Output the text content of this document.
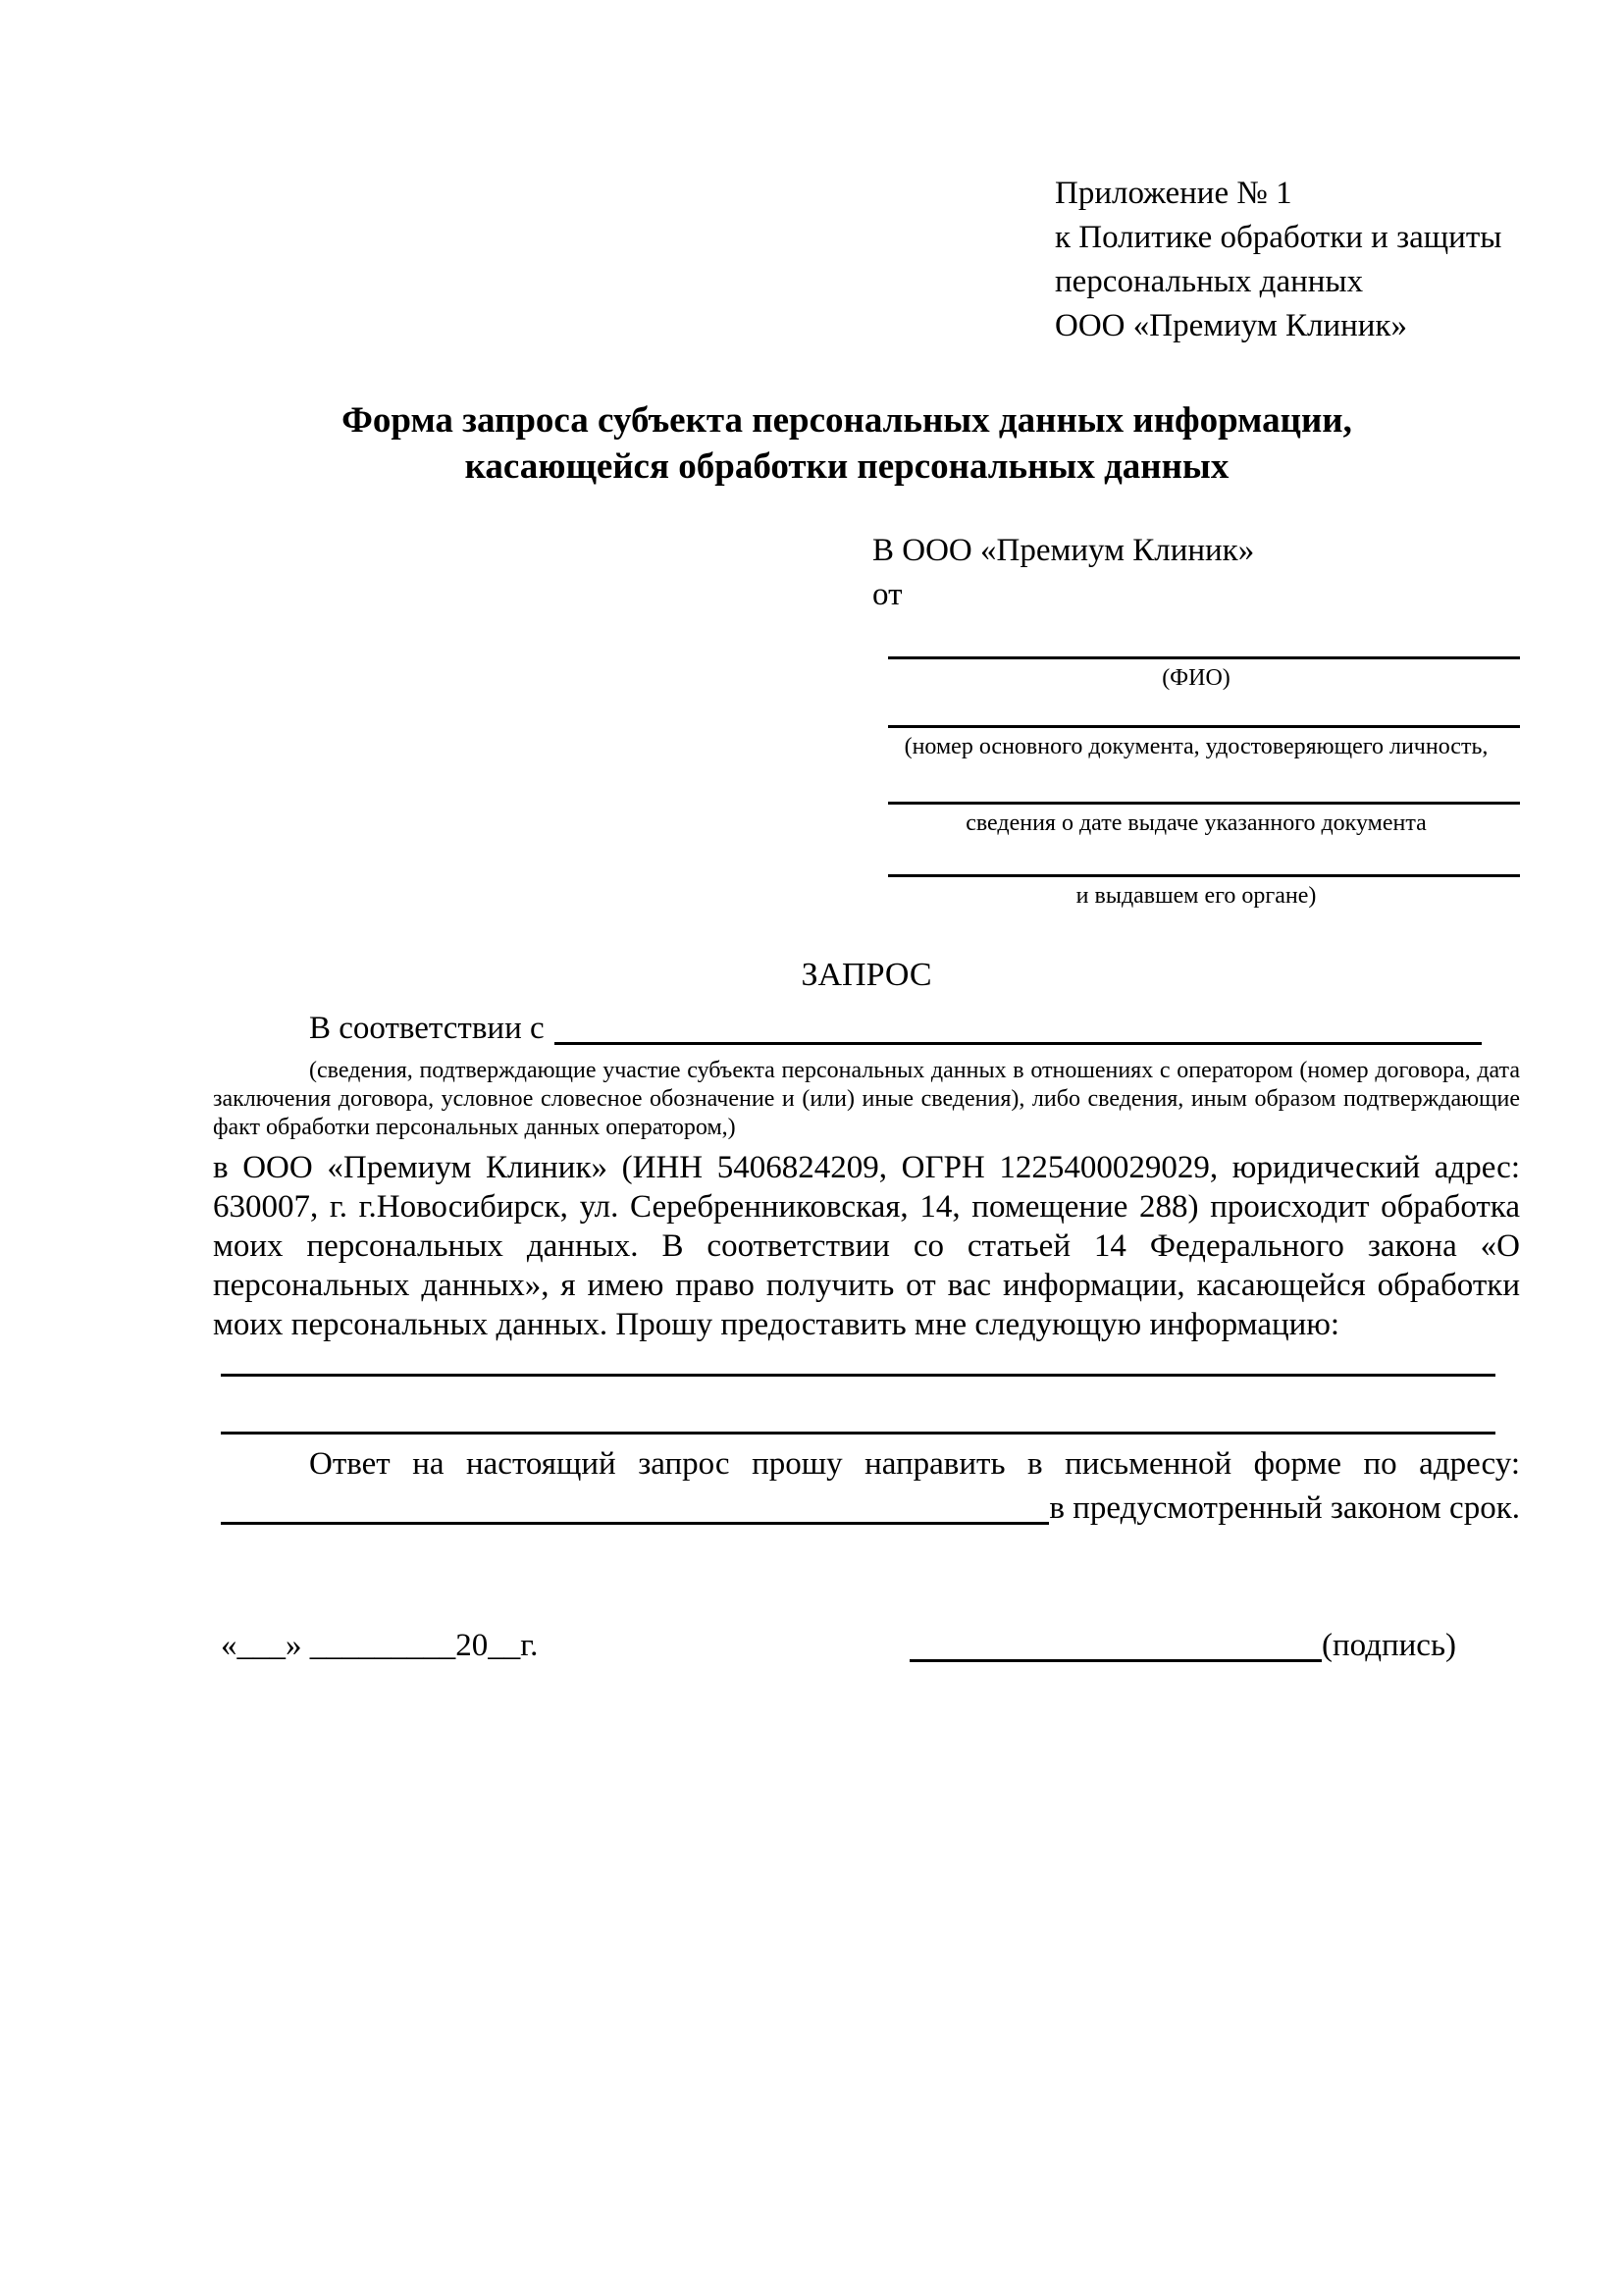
Приложение № 1
к Политике обработки и защиты
персональных данных
ООО «Премиум Клиник»
Форма запроса субъекта персональных данных информации,
касающейся обработки персональных данных
В ООО «Премиум Клиник»
от
(ФИО)
(номер основного документа, удостоверяющего личность,
сведения о дате выдаче указанного документа
и выдавшем его органе)
ЗАПРОС
В соответствии с
(сведения, подтверждающие участие субъекта персональных данных в отношениях с оператором (номер договора, дата заключения договора, условное словесное обозначение и (или) иные сведения), либо сведения, иным образом подтверждающие факт обработки персональных данных оператором,)
в ООО «Премиум Клиник» (ИНН 5406824209, ОГРН 1225400029029, юридический адрес: 630007, г. г.Новосибирск, ул. Серебренниковская, 14, помещение 288) происходит обработка моих персональных данных. В соответствии со статьей 14 Федерального закона «О персональных данных», я имею право получить от вас информации, касающейся обработки моих персональных данных. Прошу предоставить мне следующую информацию:
Ответ на настоящий запрос прошу направить в письменной форме по адресу:
в предусмотренный законом срок.
«___» _________20__г.	(подпись)
